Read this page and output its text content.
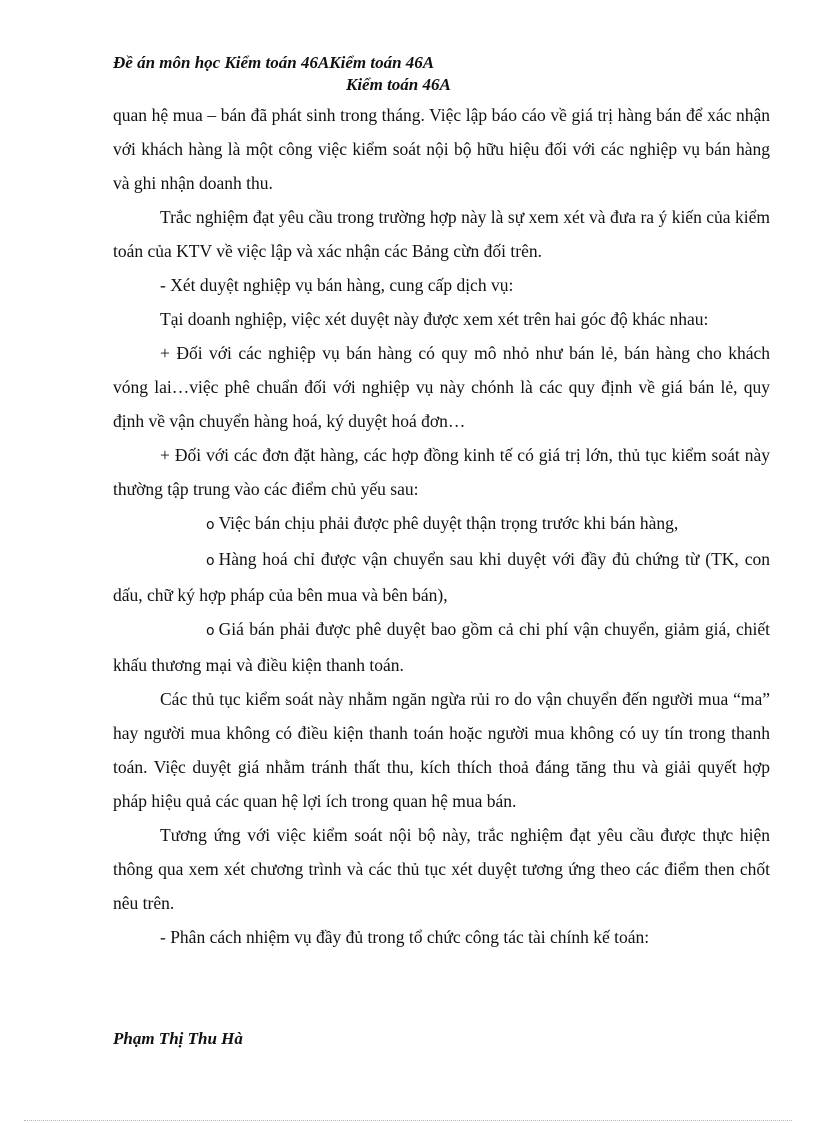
Đề án môn học Kiểm toán 46AKiểm toán 46A
Kiểm toán 46A

quan hệ mua – bán đã phát sinh trong tháng. Việc lập báo cáo về giá trị hàng bán để xác nhận với khách hàng là một công việc kiểm soát nội bộ hữu hiệu đối với các nghiệp vụ bán hàng và ghi nhận doanh thu.

Trắc nghiệm đạt yêu cầu trong trường hợp này là sự xem xét và đưa ra ý kiến của kiểm toán của KTV về việc lập và xác nhận các Bảng cừn đối trên.

- Xét duyệt nghiệp vụ bán hàng, cung cấp dịch vụ:

Tại doanh nghiệp, việc xét duyệt này được xem xét trên hai góc độ khác nhau:

+ Đối với các nghiệp vụ bán hàng có quy mô nhỏ như bán lẻ, bán hàng cho khách vóng lai…việc phê chuẩn đối với nghiệp vụ này chónh là các quy định về giá bán lẻ, quy định về vận chuyển hàng hoá, ký duyệt hoá đơn…

+ Đối với các đơn đặt hàng, các hợp đồng kinh tế có giá trị lớn, thủ tục kiểm soát này thường tập trung vào các điểm chủ yếu sau:

o Việc bán chịu phải được phê duyệt thận trọng trước khi bán hàng,

o Hàng hoá chỉ được vận chuyển sau khi duyệt với đầy đủ chứng từ (TK, con dấu, chữ ký hợp pháp của bên mua và bên bán),

o Giá bán phải được phê duyệt bao gồm cả chi phí vận chuyển, giảm giá, chiết khấu thương mại và điều kiện thanh toán.

Các thủ tục kiểm soát này nhằm ngăn ngừa rủi ro do vận chuyển đến người mua “ma” hay người mua không có điều kiện thanh toán hoặc người mua không có uy tín trong thanh toán. Việc duyệt giá nhằm tránh thất thu, kích thích thoả đáng tăng thu và giải quyết hợp pháp hiệu quả các quan hệ lợi ích trong quan hệ mua bán.

Tương ứng với việc kiểm soát nội bộ này, trắc nghiệm đạt yêu cầu được thực hiện thông qua xem xét chương trình và các thủ tục xét duyệt tương ứng theo các điểm then chốt nêu trên.

- Phân cách nhiệm vụ đầy đủ trong tổ chức công tác tài chính kế toán:

Phạm Thị Thu Hà
